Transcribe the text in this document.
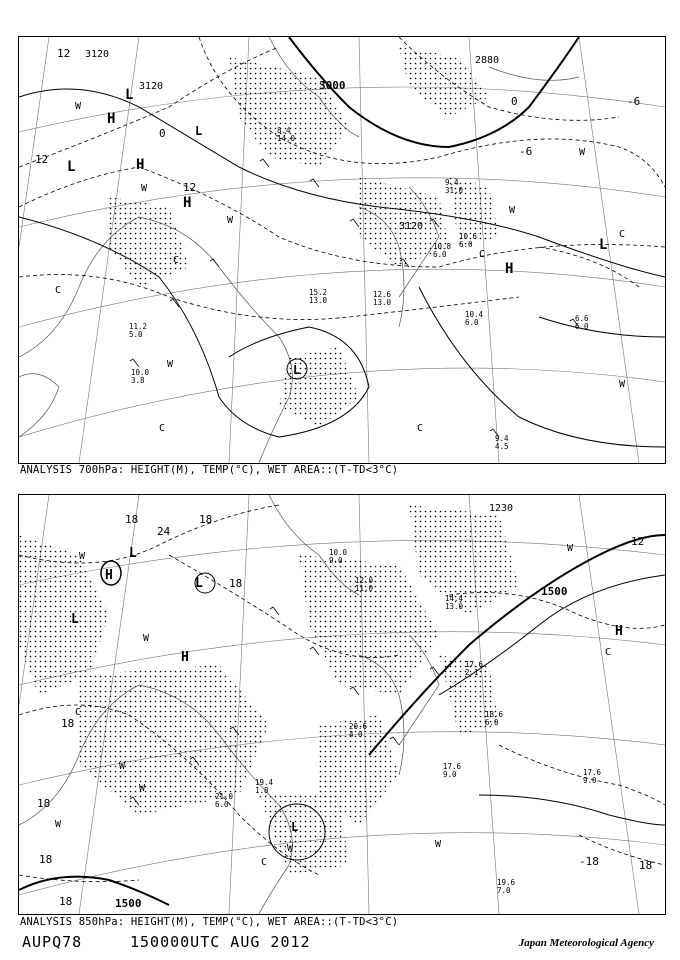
3120
3120	3000
2880
3120
L
H
H
L
H
H
L
L
L
12
12
12
0
0
-6
-6
W
W
W
W
W
W
W
C
C
C	C
C
C
8.4
14.0
10.8
6.0
10.6
6.0
12.6
13.0
9.4
4.5
6.6
6.0
10.4
6.0
15.2
13.0
11.2
5.0
10.0
3.8
9.4
31.0
ANALYSIS 700hPa: HEIGHT(M), TEMP(°C), WET AREA::(T-TD<3°C)
1500
1500
1230
H
H
L
L
H
L
L
18	18
24
18
12
18
18
18
18
-18	18
W
W
W
W
W
W
W
W
C
C
C
10.0
9.0
12.0
11.0
14.4
13.0
17.6
2.1
18.6
6.0
17.6
9.0
19.6
7.0
20.6
4.0
21.0
6.0
19.4
1.8
17.6
9.0
ANALYSIS 850hPa: HEIGHT(M), TEMP(°C), WET AREA::(T-TD<3°C)
AUPQ78	150000UTC AUG 2012	Japan Meteorological Agency
